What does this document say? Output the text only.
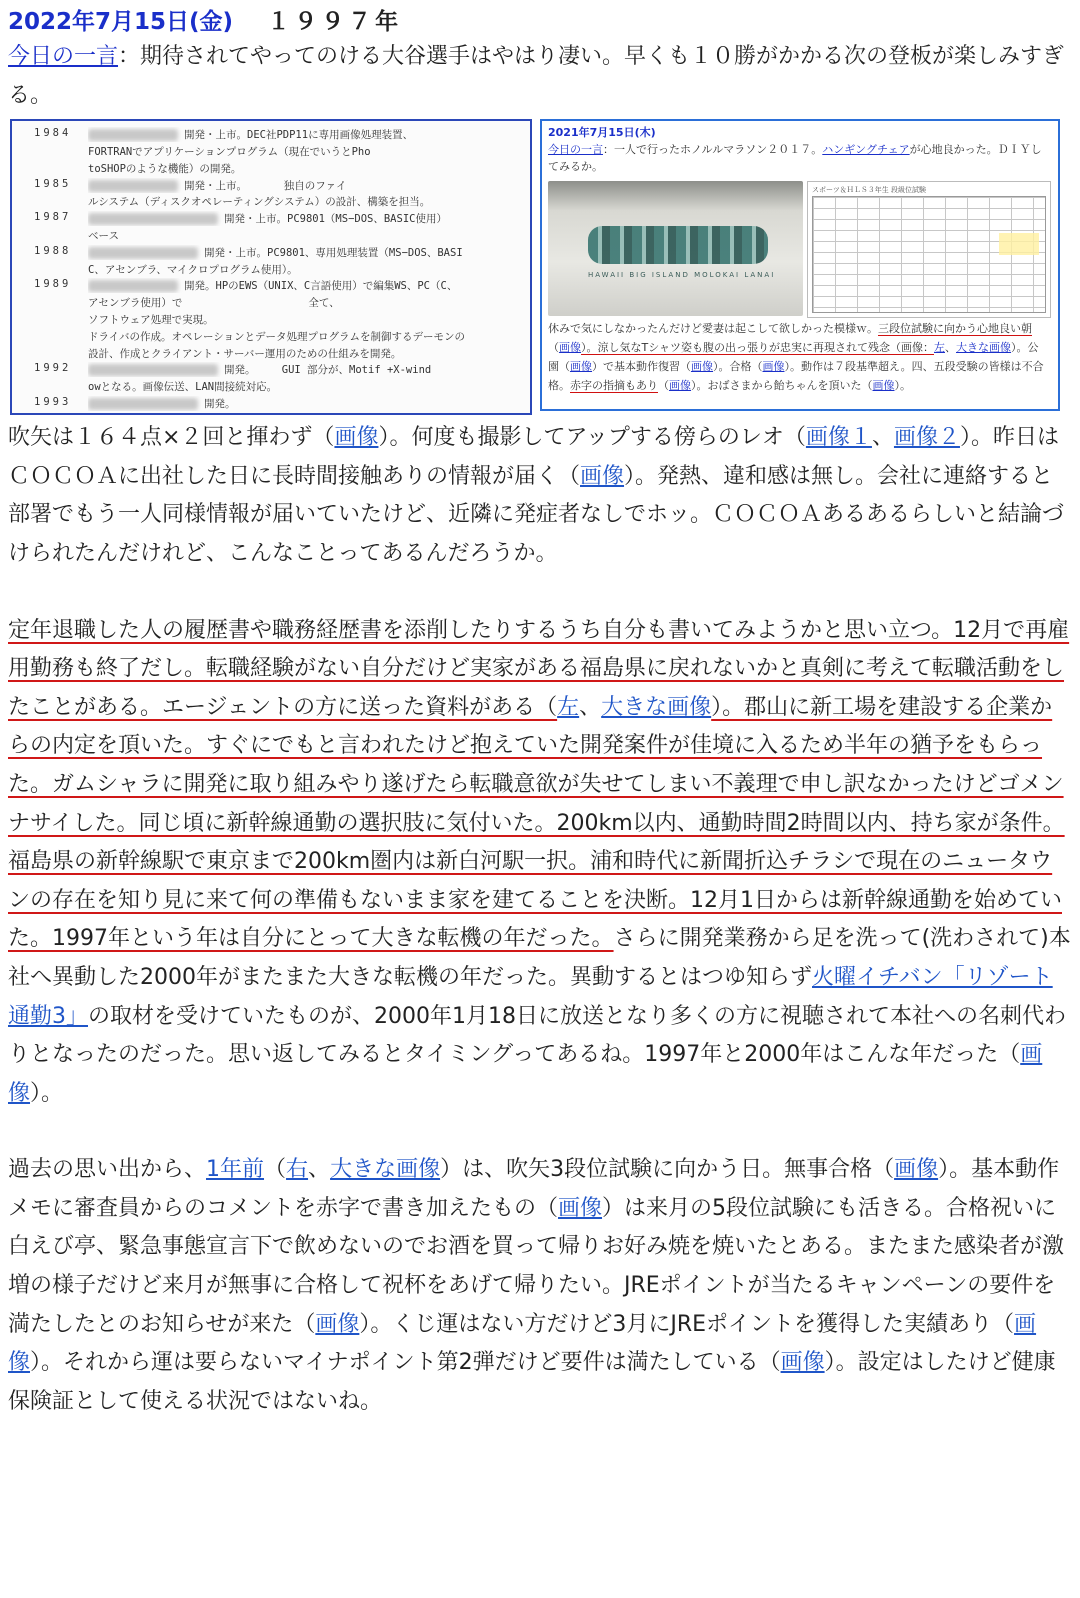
2022年7月15日(金) １９９７年

今日の一言：期待されてやってのける大谷選手はやはり凄い。早くも１０勝がかかる次の登板が楽しみすぎる。

1984	開発・上市。DEC社PDP11に専用画像処理装置、
FORTRANでアプリケーションプログラム（現在でいうとPho
toSHOPのような機能）の開発。
1985	開発・上市。　　　　独自のファイ
ルシステム（ディスクオペレーティングシステム）の設計、構築を担当。
1987	開発・上市。PC9801（MS−DOS、BASIC使用）
ベース
1988	開発・上市。PC9801、専用処理装置（MS−DOS、BASI
C、アセンブラ、マイクロプログラム使用）。
1989	開発。HPのEWS（UNIX、C言語使用）で編集WS、PC（C、
アセンブラ使用）で　　　　　　　　　　　　全て、
ソフトウェア処理で実現。
ドライバの作成。オペレーションとデータ処理プログラムを制御するデーモンの
設計、作成とクライアント・サーバー運用のための仕組みを開発。
1992	開発。　　　GUI 部分が、Motif +X-wind
owとなる。画像伝送、LAN間接続対応。
1993	開発。
2021年7月15日(木)
今日の一言：一人で行ったホノルルマラソン２０１７。ハンギングチェアが心地良かった。ＤＩＹしてみるか。
HAWAII BIG ISLAND MOLOKAI LANAI
スポーツ＆ＨＬＳ３年生 段級位試験
休みで気にしなかったんだけど愛妻は起こして欲しかった模様ｗ。三段位試験に向かう心地良い朝（画像）。涼し気なTシャツ姿も腹の出っ張りが忠実に再現されて残念（画像：左、大きな画像）。公園（画像）で基本動作復習（画像）。合格（画像）。動作は７段基準超え。四、五段受験の皆様は不合格。赤字の指摘もあり（画像）。おばさまから飴ちゃんを頂いた（画像）。

吹矢は１６４点×２回と揮わず（画像）。何度も撮影してアップする傍らのレオ（画像１、画像２）。昨日はＣＯＣＯＡに出社した日に長時間接触ありの情報が届く（画像）。発熱、違和感は無し。会社に連絡すると部署でもう一人同様情報が届いていたけど、近隣に発症者なしでホッ。ＣＯＣＯＡあるあるらしいと結論づけられたんだけれど、こんなことってあるんだろうか。

定年退職した人の履歴書や職務経歴書を添削したりするうち自分も書いてみようかと思い立つ。12月で再雇用勤務も終了だし。転職経験がない自分だけど実家がある福島県に戻れないかと真剣に考えて転職活動をしたことがある。エージェントの方に送った資料がある（左、大きな画像）。郡山に新工場を建設する企業からの内定を頂いた。すぐにでもと言われたけど抱えていた開発案件が佳境に入るため半年の猶予をもらった。ガムシャラに開発に取り組みやり遂げたら転職意欲が失せてしまい不義理で申し訳なかったけどゴメンナサイした。同じ頃に新幹線通勤の選択肢に気付いた。200km以内、通勤時間2時間以内、持ち家が条件。福島県の新幹線駅で東京まで200km圏内は新白河駅一択。浦和時代に新聞折込チラシで現在のニュータウンの存在を知り見に来て何の準備もないまま家を建てることを決断。12月1日からは新幹線通勤を始めていた。1997年という年は自分にとって大きな転機の年だった。さらに開発業務から足を洗って(洗わされて)本社へ異動した2000年がまたまた大きな転機の年だった。異動するとはつゆ知らず火曜イチバン「リゾート通勤3」の取材を受けていたものが、2000年1月18日に放送となり多くの方に視聴されて本社への名刺代わりとなったのだった。思い返してみるとタイミングってあるね。1997年と2000年はこんな年だった（画像）。

過去の思い出から、1年前（右、大きな画像）は、吹矢3段位試験に向かう日。無事合格（画像）。基本動作メモに審査員からのコメントを赤字で書き加えたもの（画像）は来月の5段位試験にも活きる。合格祝いに白えび亭、緊急事態宣言下で飲めないのでお酒を買って帰りお好み焼を焼いたとある。またまた感染者が激増の様子だけど来月が無事に合格して祝杯をあげて帰りたい。JREポイントが当たるキャンペーンの要件を満たしたとのお知らせが来た（画像）。くじ運はない方だけど3月にJREポイントを獲得した実績あり（画像）。それから運は要らないマイナポイント第2弾だけど要件は満たしている（画像）。設定はしたけど健康保険証として使える状況ではないね。
